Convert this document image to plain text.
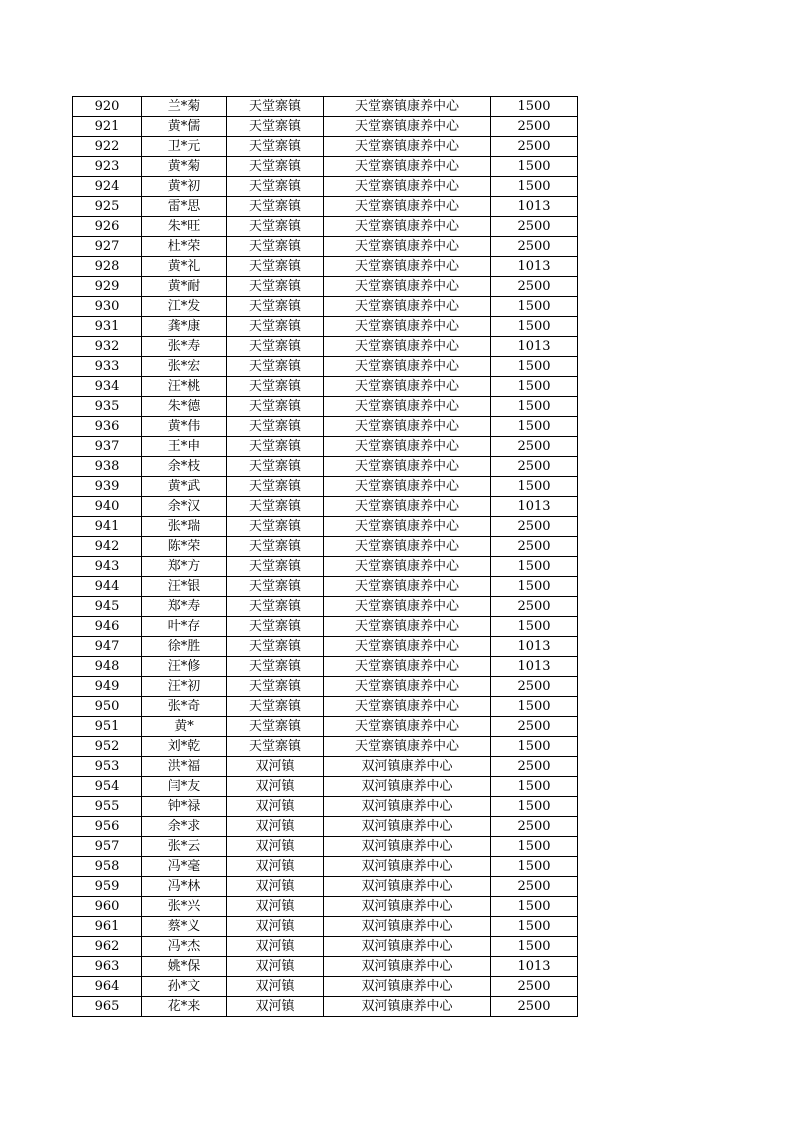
920	兰*菊	天堂寨镇	天堂寨镇康养中心	1500
921	黄*儒	天堂寨镇	天堂寨镇康养中心	2500
922	卫*元	天堂寨镇	天堂寨镇康养中心	2500
923	黄*菊	天堂寨镇	天堂寨镇康养中心	1500
924	黄*初	天堂寨镇	天堂寨镇康养中心	1500
925	雷*思	天堂寨镇	天堂寨镇康养中心	1013
926	朱*旺	天堂寨镇	天堂寨镇康养中心	2500
927	杜*荣	天堂寨镇	天堂寨镇康养中心	2500
928	黄*礼	天堂寨镇	天堂寨镇康养中心	1013
929	黄*耐	天堂寨镇	天堂寨镇康养中心	2500
930	江*发	天堂寨镇	天堂寨镇康养中心	1500
931	龚*康	天堂寨镇	天堂寨镇康养中心	1500
932	张*寿	天堂寨镇	天堂寨镇康养中心	1013
933	张*宏	天堂寨镇	天堂寨镇康养中心	1500
934	汪*桃	天堂寨镇	天堂寨镇康养中心	1500
935	朱*德	天堂寨镇	天堂寨镇康养中心	1500
936	黄*伟	天堂寨镇	天堂寨镇康养中心	1500
937	王*申	天堂寨镇	天堂寨镇康养中心	2500
938	余*枝	天堂寨镇	天堂寨镇康养中心	2500
939	黄*武	天堂寨镇	天堂寨镇康养中心	1500
940	余*汉	天堂寨镇	天堂寨镇康养中心	1013
941	张*瑞	天堂寨镇	天堂寨镇康养中心	2500
942	陈*荣	天堂寨镇	天堂寨镇康养中心	2500
943	郑*方	天堂寨镇	天堂寨镇康养中心	1500
944	汪*银	天堂寨镇	天堂寨镇康养中心	1500
945	郑*寿	天堂寨镇	天堂寨镇康养中心	2500
946	叶*存	天堂寨镇	天堂寨镇康养中心	1500
947	徐*胜	天堂寨镇	天堂寨镇康养中心	1013
948	汪*修	天堂寨镇	天堂寨镇康养中心	1013
949	汪*初	天堂寨镇	天堂寨镇康养中心	2500
950	张*奇	天堂寨镇	天堂寨镇康养中心	1500
951	黄*	天堂寨镇	天堂寨镇康养中心	2500
952	刘*乾	天堂寨镇	天堂寨镇康养中心	1500
953	洪*福	双河镇	双河镇康养中心	2500
954	闫*友	双河镇	双河镇康养中心	1500
955	钟*禄	双河镇	双河镇康养中心	1500
956	余*求	双河镇	双河镇康养中心	2500
957	张*云	双河镇	双河镇康养中心	1500
958	冯*毫	双河镇	双河镇康养中心	1500
959	冯*林	双河镇	双河镇康养中心	2500
960	张*兴	双河镇	双河镇康养中心	1500
961	蔡*义	双河镇	双河镇康养中心	1500
962	冯*杰	双河镇	双河镇康养中心	1500
963	姚*保	双河镇	双河镇康养中心	1013
964	孙*文	双河镇	双河镇康养中心	2500
965	花*来	双河镇	双河镇康养中心	2500
